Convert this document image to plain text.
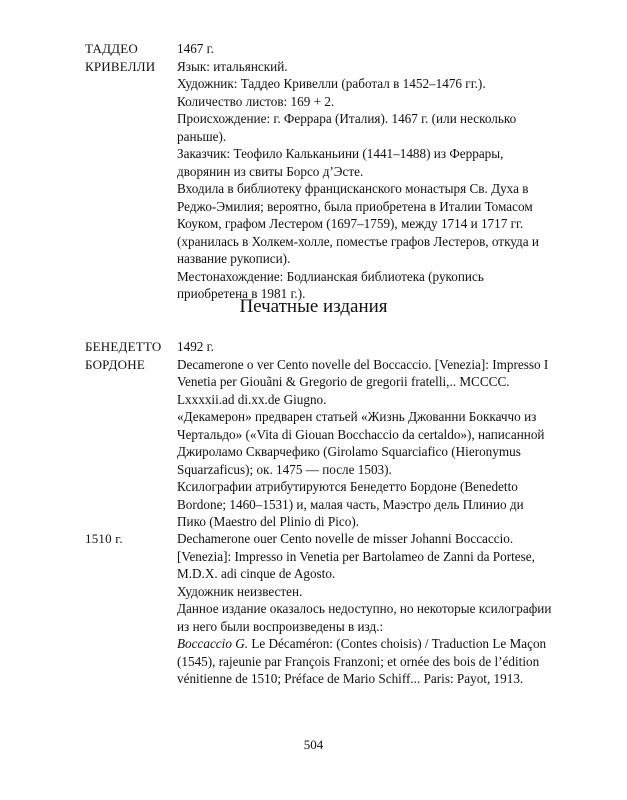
ТАДДЕО
КРИВЕЛЛИ

1467 г.

Язык: итальянский.

Художник: Таддео Кривелли (работал в 1452–1476 гг.).

Количество листов: 169 + 2.

Происхождение: г. Феррара (Италия). 1467 г. (или несколько раньше).

Заказчик: Теофило Кальканьини (1441–1488) из Феррары, дворянин из свиты Борсо д’Эсте.

Входила в библиотеку францисканского монастыря Св. Духа в Реджо-Эмилия; вероятно, была приобретена в Италии Томасом Коуком, графом Лестером (1697–1759), между 1714 и 1717 гг. (хранилась в Холкем-холле, поместье графов Лестеров, откуда и название рукописи).

Местонахождение: Бодлианская библиотека (рукопись приобретена в 1981 г.).

Печатные издания
БЕНЕДЕТТО
БОРДОНЕ

1492 г.

Decamerone o ver Cento novelle del Boccaccio. [Venezia]: Impresso I Venetia per Giouãni & Gregorio de gregorii fratelli,.. MCCCC. Lxxxxii.ad di.xx.de Giugno.

«Декамерон» предварен статьей «Жизнь Джованни Боккаччо из Чертальдо» («Vita di Giouan Bocchaccio da certaldo»), написанной Джироламо Скварчефико (Girolamo Squarciafico (Hieronymus Squarzaficus); ок. 1475 — после 1503).

Ксилографии атрибутируются Бенедетто Бордоне (Benedetto Bordone; 1460–1531) и, малая часть, Маэстро дель Плинио ди Пико (Maestro del Plinio di Pico).

1510 г.	Dechamerone ouer Cento novelle de misser Johanni Boccaccio. [Venezia]: Impresso in Venetia per Bartolameo de Zanni da Portese, M.D.X. adi cinque de Agosto.

Художник неизвестен.

Данное издание оказалось недоступно, но некоторые ксилографии из него были воспроизведены в изд.:

Boccaccio G. Le Décaméron: (Contes choisis) / Traduction Le Maçon (1545), rajeunie par François Franzoni; et ornée des bois de l’édition vénitienne de 1510; Préface de Mario Schiff... Paris: Payot, 1913.

504
